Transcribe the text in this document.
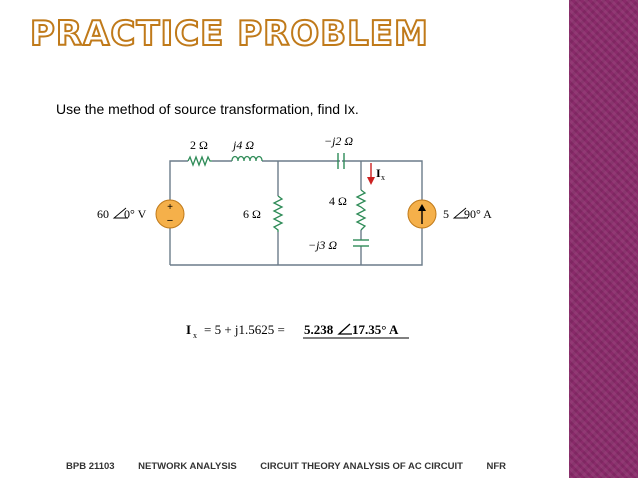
PRACTICE PROBLEM
Use the method of source transformation, find Ix.
+
−
2 Ω j4 Ω	−j2 Ω
6 Ω
4 Ω
−j3 Ω
60 0° V	5 90° A
I x
I x = 5 + j1.5625 = 5.238 17.35° A
BPB 21103 NETWORK ANALYSIS CIRCUIT THEORY ANALYSIS OF AC CIRCUIT NFR
